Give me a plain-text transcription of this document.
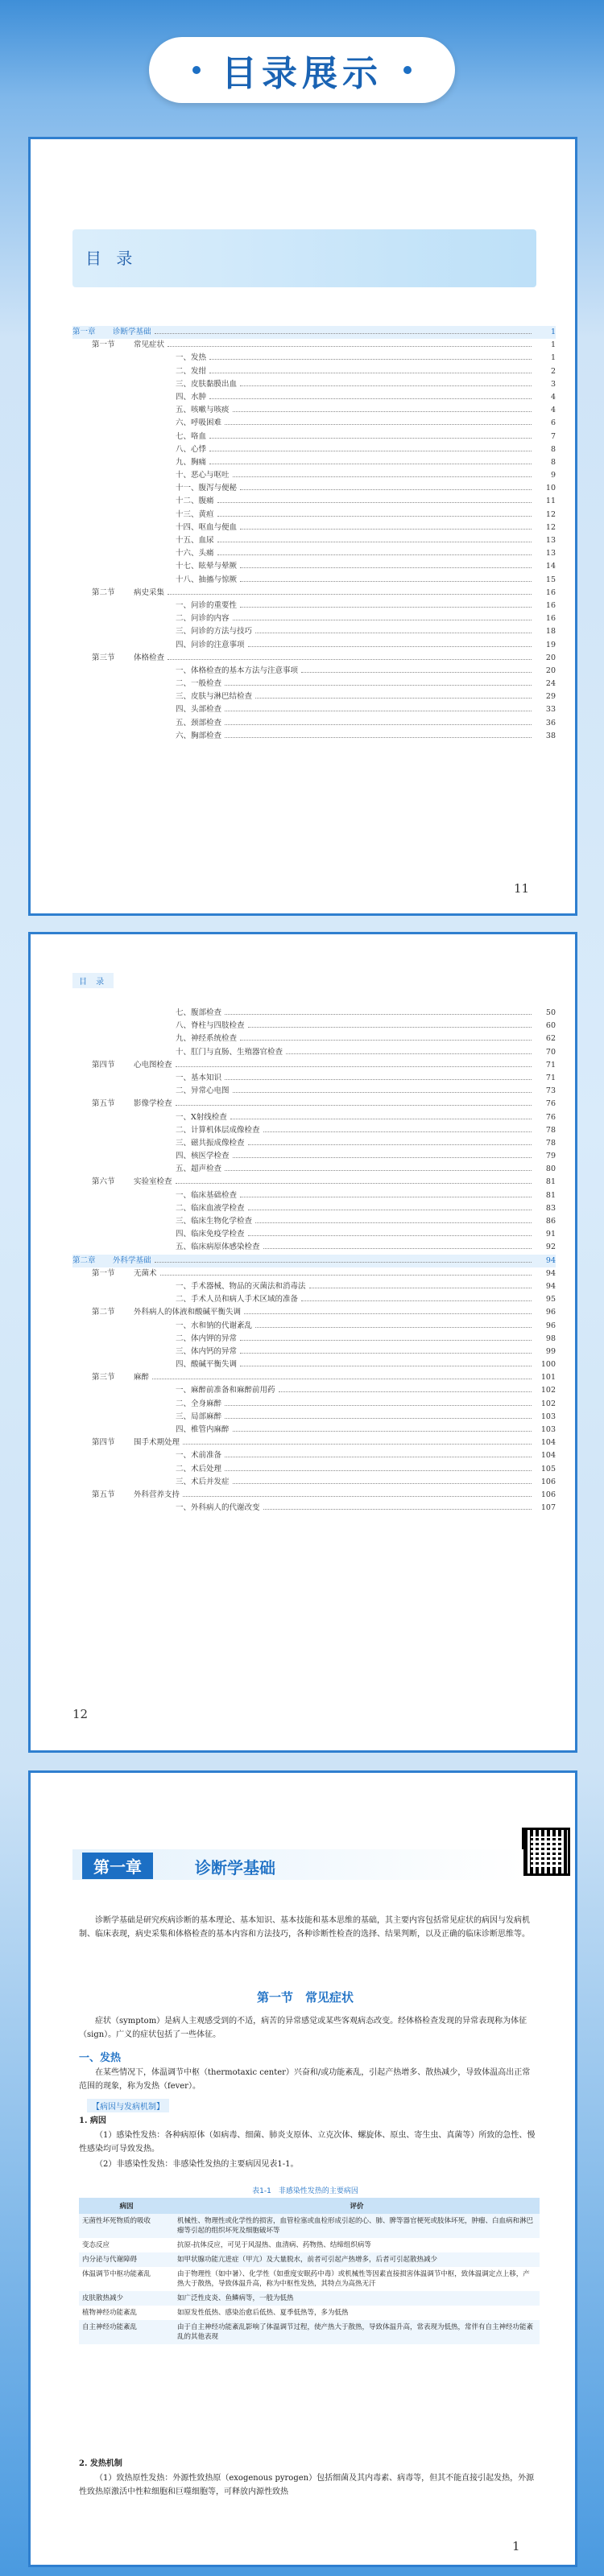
目录展示
目 录
第一章	诊断学基础	1
第一节	常见症状	1
一、发热	1
二、发绀	2
三、皮肤黏膜出血	3
四、水肿	4
五、咳嗽与咳痰	4
六、呼吸困难	6
七、咯血	7
八、心悸	8
九、胸痛	8
十、恶心与呕吐	9
十一、腹泻与便秘	10
十二、腹痛	11
十三、黄疸	12
十四、呕血与便血	12
十五、血尿	13
十六、头痛	13
十七、眩晕与晕厥	14
十八、抽搐与惊厥	15
第二节	病史采集	16
一、问诊的重要性	16
二、问诊的内容	16
三、问诊的方法与技巧	18
四、问诊的注意事项	19
第三节	体格检查	20
一、体格检查的基本方法与注意事项	20
二、一般检查	24
三、皮肤与淋巴结检查	29
四、头部检查	33
五、颈部检查	36
六、胸部检查	38
11
目 录
七、腹部检查	50
八、脊柱与四肢检查	60
九、神经系统检查	62
十、肛门与直肠、生殖器官检查	70
第四节	心电图检查	71
一、基本知识	71
二、异常心电图	73
第五节	影像学检查	76
一、X射线检查	76
二、计算机体层成像检查	78
三、磁共振成像检查	78
四、核医学检查	79
五、超声检查	80
第六节	实验室检查	81
一、临床基础检查	81
二、临床血液学检查	83
三、临床生物化学检查	86
四、临床免疫学检查	91
五、临床病原体感染检查	92
第二章	外科学基础	94
第一节	无菌术	94
一、手术器械、物品的灭菌法和消毒法	94
二、手术人员和病人手术区域的准备	95
第二节	外科病人的体液和酸碱平衡失调	96
一、水和钠的代谢紊乱	96
二、体内钾的异常	98
三、体内钙的异常	99
四、酸碱平衡失调	100
第三节	麻醉	101
一、麻醉前准备和麻醉前用药	102
二、全身麻醉	102
三、局部麻醉	103
四、椎管内麻醉	103
第四节	围手术期处理	104
一、术前准备	104
二、术后处理	105
三、术后并发症	106
第五节	外科营养支持	106
一、外科病人的代谢改变	107
12
第一章	诊断学基础
诊断学基础是研究疾病诊断的基本理论、基本知识、基本技能和基本思维的基础，其主要内容包括常见症状的病因与发病机制、临床表现，病史采集和体格检查的基本内容和方法技巧，各种诊断性检查的选择、结果判断，以及正确的临床诊断思维等。
第一节　常见症状
症状（symptom）是病人主观感受到的不适，病苦的异常感觉或某些客观病态改变。经体格检查发现的异常表现称为体征（sign）。广义的症状包括了一些体征。
一、发热
在某些情况下，体温调节中枢（thermotaxic center）兴奋和/或功能紊乱，引起产热增多、散热减少，导致体温高出正常范围的现象，称为发热（fever）。
【病因与发病机制】
1. 病因
（1）感染性发热：各种病原体（如病毒、细菌、肺炎支原体、立克次体、螺旋体、原虫、寄生虫、真菌等）所致的急性、慢性感染均可导致发热。
（2）非感染性发热：非感染性发热的主要病因见表1-1。
表1-1　非感染性发热的主要病因
病因	评价
无菌性坏死物质的吸收	机械性、物理性或化学性的损害，血管栓塞或血栓形成引起的心、肺、脾等器官梗死或肢体坏死，肿瘤、白血病和淋巴瘤等引起的组织坏死及细胞破坏等
变态反应	抗原-抗体反应，可见于风湿热、血清病、药物热、结缔组织病等
内分泌与代谢障碍	如甲状腺功能亢进症（甲亢）及大量脱水，前者可引起产热增多，后者可引起散热减少
体温调节中枢功能紊乱	由于物理性（如中暑）、化学性（如重度安眠药中毒）或机械性等因素直接损害体温调节中枢，致体温调定点上移，产热大于散热，导致体温升高，称为中枢性发热，其特点为高热无汗
皮肤散热减少	如广泛性皮炎、鱼鳞病等，一般为低热
植物神经功能紊乱	如原发性低热、感染治愈后低热、夏季低热等，多为低热
自主神经功能紊乱	由于自主神经功能紊乱影响了体温调节过程，使产热大于散热，导致体温升高，常表现为低热，常伴有自主神经功能紊乱的其他表现
2. 发热机制
（1）致热原性发热：外源性致热原（exogenous pyrogen）包括细菌及其内毒素、病毒等，但其不能直接引起发热，外源性致热原激活中性粒细胞和巨噬细胞等，可释放内源性致热
1
